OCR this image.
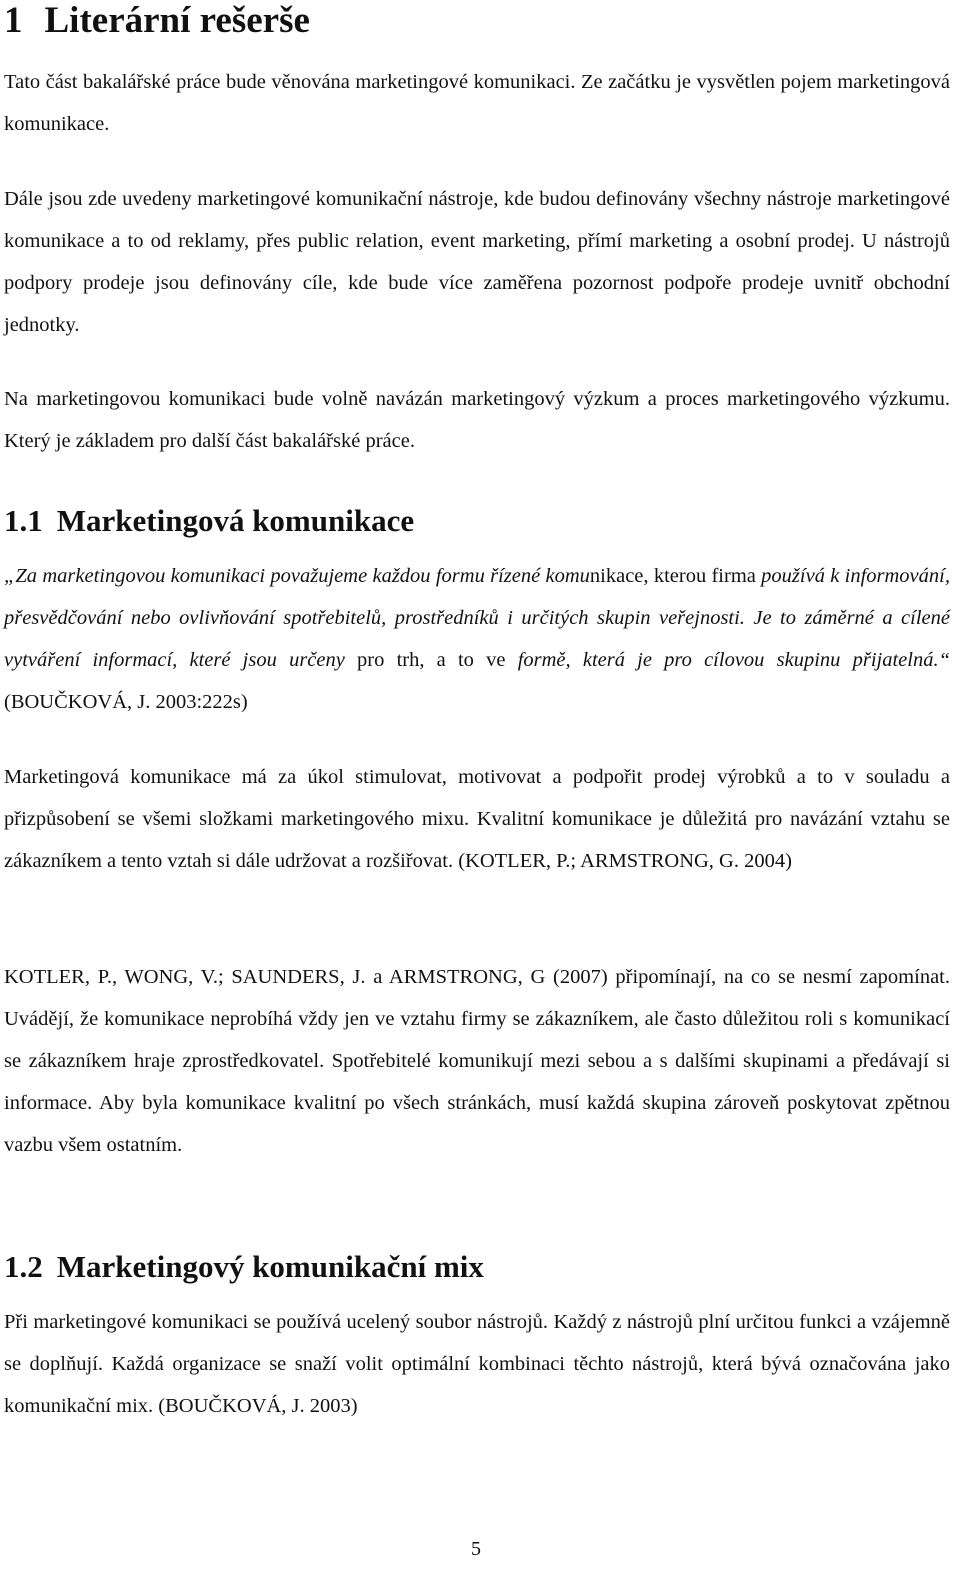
1 Literární rešerše

Tato část bakalářské práce bude věnována marketingové komunikaci. Ze začátku je vysvětlen pojem marketingová komunikace.

Dále jsou zde uvedeny marketingové komunikační nástroje, kde budou definovány všechny nástroje marketingové komunikace a to od reklamy, přes public relation, event marketing, přímí marketing a osobní prodej. U nástrojů podpory prodeje jsou definovány cíle, kde bude více zaměřena pozornost podpoře prodeje uvnitř obchodní jednotky.

Na marketingovou komunikaci bude volně navázán marketingový výzkum a proces marketingového výzkumu. Který je základem pro další část bakalářské práce.

1.1 Marketingová komunikace

„Za marketingovou komunikaci považujeme každou formu řízené komunikace, kterou firma používá k informování, přesvědčování nebo ovlivňování spotřebitelů, prostředníků i určitých skupin veřejnosti. Je to záměrné a cílené vytváření informací, které jsou určeny pro trh, a to ve formě, která je pro cílovou skupinu přijatelná.“ (BOUČKOVÁ, J. 2003:222s)

Marketingová komunikace má za úkol stimulovat, motivovat a podpořit prodej výrobků a to v souladu a přizpůsobení se všemi složkami marketingového mixu. Kvalitní komunikace je důležitá pro navázání vztahu se zákazníkem a tento vztah si dále udržovat a rozšiřovat. (KOTLER, P.; ARMSTRONG, G. 2004)

KOTLER, P., WONG, V.; SAUNDERS, J. a ARMSTRONG, G (2007) připomínají, na co se nesmí zapomínat. Uvádějí, že komunikace neprobíhá vždy jen ve vztahu firmy se zákazníkem, ale často důležitou roli s komunikací se zákazníkem hraje zprostředkovatel. Spotřebitelé komunikují mezi sebou a s dalšími skupinami a předávají si informace. Aby byla komunikace kvalitní po všech stránkách, musí každá skupina zároveň poskytovat zpětnou vazbu všem ostatním.

1.2 Marketingový komunikační mix

Při marketingové komunikaci se používá ucelený soubor nástrojů. Každý z nástrojů plní určitou funkci a vzájemně se doplňují. Každá organizace se snaží volit optimální kombinaci těchto nástrojů, která bývá označována jako komunikační mix. (BOUČKOVÁ, J. 2003)

5
